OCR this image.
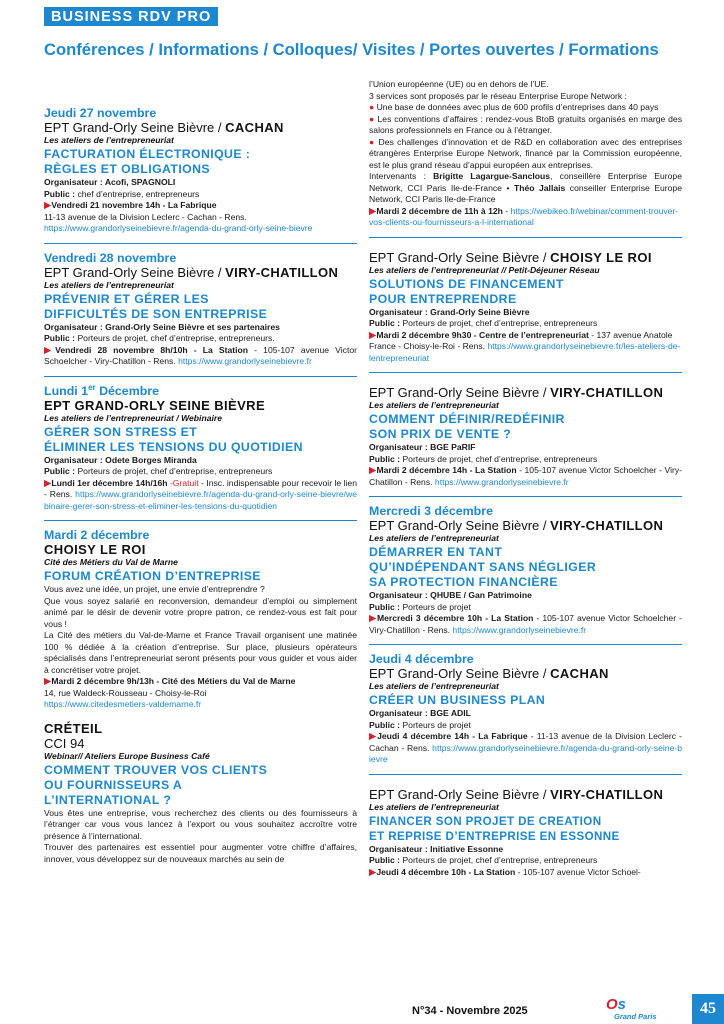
BUSINESS RDV PRO
Conférences / Informations / Colloques/ Visites / Portes ouvertes / Formations
Jeudi 27 novembre
EPT Grand-Orly Seine Bièvre / CACHAN
Les ateliers de l’entrepreneuriat
FACTURATION ÉLECTRONIQUE :
RÈGLES ET OBLIGATIONS
Organisateur : Acofi, SPAGNOLI
Public : chef d’entreprise, entrepreneurs
▶Vendredi 21 novembre 14h - La Fabrique
11-13 avenue de la Division Leclerc - Cachan - Rens.
https://www.grandorlyseinebievre.fr/agenda-du-grand-orly-seine-bievre
Vendredi 28 novembre
EPT Grand-Orly Seine Bièvre / VIRY-CHATILLON
Les ateliers de l’entrepreneuriat
PRÉVENIR ET GÉRER LES
DIFFICULTÉS DE SON ENTREPRISE
Organisateur : Grand-Orly Seine Bièvre et ses partenaires
Public : Porteurs de projet, chef d’entreprise, entrepreneurs.
▶Vendredi 28 novembre 8h/10h - La Station - 105-107 avenue Victor Schoelcher - Viry-Chatillon - Rens. https://www.grandorlyseinebievre.fr
Lundi 1er Décembre
EPT GRAND-ORLY SEINE BIÈVRE
Les ateliers de l’entrepreneuriat / Webinaire
GÉRER SON STRESS ET
ÉLIMINER LES TENSIONS DU QUOTIDIEN
Organisateur : Odete Borges Miranda
Public : Porteurs de projet, chef d’entreprise, entrepreneurs
▶Lundi 1er décembre 14h/16h -Gratuit - Insc. indispensable pour recevoir le lien - Rens. https://www.grandorlyseinebievre.fr/agenda-du-grand-orly-seine-bievre/webinaire-gerer-son-stress-et-eliminer-les-tensions-du-quotidien
Mardi 2 décembre
CHOISY LE ROI
Cité des Métiers du Val de Marne
FORUM CRÉATION D’ENTREPRISE
Vous avez une idée, un projet, une envie d’entreprendre ?
Que vous soyez salarié en reconversion, demandeur d’emploi ou simplement animé par le désir de devenir votre propre patron, ce rendez-vous est fait pour vous !
La Cité des métiers du Val-de-Marne et France Travail organisent une matinée 100 % dédiée à la création d’entreprise. Sur place, plusieurs opérateurs spécialisés dans l’entrepreneuriat seront présents pour vous guider et vous aider à concrétiser votre projet.
▶Mardi 2 décembre 9h/13h - Cité des Métiers du Val de Marne
14, rue Waldeck-Rousseau - Choisy-le-Roi
https://www.citedesmetiers-valdemarne.fr
CRÉTEIL
CCI 94
Webinar// Ateliers Europe Business Café
COMMENT TROUVER VOS CLIENTS
OU FOURNISSEURS A
L’INTERNATIONAL ?
Vous êtes une entreprise, vous recherchez des clients ou des fournisseurs à l’étranger car vous vous lancez à l’export ou vous souhaitez accroître votre présence à l’international.
Trouver des partenaires est essentiel pour augmenter votre chiffre d’affaires, innover, vous développez sur de nouveaux marchés au sein de
l’Union européenne (UE) ou en dehors de l’UE.
3 services sont proposés par le réseau Enterprise Europe Network :
● Une base de données avec plus de 600 profils d’entreprises dans 40 pays
● Les conventions d’affaires : rendez-vous BtoB gratuits organisés en marge des salons professionnels en France ou à l’étranger.
● Des challenges d’innovation et de R&D en collaboration avec des entreprises étrangères Enterprise Europe Network, financé par la Commission européenne, est le plus grand réseau d’appui européen aux entreprises.
Intervenants : Brigitte Lagargue-Sanclous, conseillère Enterprise Europe Network, CCI Paris Ile-de-France • Théo Jallais conseiller Enterprise Europe Network, CCI Paris Ile-de-France
▶Mardi 2 décembre de 11h à 12h - https://webikeo.fr/webinar/comment-trouver-vos-clients-ou-fournisseurs-a-l-international
EPT Grand-Orly Seine Bièvre / CHOISY LE ROI
Les ateliers de l’entrepreneuriat // Petit-Déjeuner Réseau
SOLUTIONS DE FINANCEMENT
POUR ENTREPRENDRE
Organisateur : Grand-Orly Seine Bièvre
Public : Porteurs de projet, chef d’entreprise, entrepreneurs
▶Mardi 2 décembre 9h30 - Centre de l’entrepreneuriat - 137 avenue Anatole France - Choisy-le-Roi - Rens. https://www.grandorlyseinebievre.fr/les-ateliers-de-lentrepreneuriat
EPT Grand-Orly Seine Bièvre / VIRY-CHATILLON
Les ateliers de l’entrepreneuriat
COMMENT DÉFINIR/REDÉFINIR
SON PRIX DE VENTE ?
Organisateur : BGE PaRIF
Public : Porteurs de projet, chef d’entreprise, entrepreneurs
▶Mardi 2 décembre 14h - La Station - 105-107 avenue Victor Schoelcher - Viry-Chatillon - Rens. https://www.grandorlyseinebievre.fr
Mercredi 3 décembre
EPT Grand-Orly Seine Bièvre / VIRY-CHATILLON
Les ateliers de l’entrepreneuriat
DÉMARRER EN TANT
QU’INDÉPENDANT SANS NÉGLIGER
SA PROTECTION FINANCIÈRE
Organisateur : QHUBE / Gan Patrimoine
Public : Porteurs de projet
▶Mercredi 3 décembre 10h - La Station - 105-107 avenue Victor Schoelcher - Viry-Chatillon - Rens. https://www.grandorlyseinebievre.fr
Jeudi 4 décembre
EPT Grand-Orly Seine Bièvre / CACHAN
Les ateliers de l’entrepreneuriat
CRÉER UN BUSINESS PLAN
Organisateur : BGE ADIL
Public : Porteurs de projet
▶Jeudi 4 décembre 14h - La Fabrique - 11-13 avenue de la Division Leclerc - Cachan - Rens. https://www.grandorlyseinebievre.fr/agenda-du-grand-orly-seine-bievre
EPT Grand-Orly Seine Bièvre / VIRY-CHATILLON
Les ateliers de l’entrepreneuriat
FINANCER SON PROJET DE CREATION
ET REPRISE D’ENTREPRISE EN ESSONNE
Organisateur : Initiative Essonne
Public : Porteurs de projet, chef d’entreprise, entrepreneurs
▶Jeudi 4 décembre 10h - La Station - 105-107 avenue Victor Schoel-
N°34 - Novembre 2025	Os
Grand Paris	45
